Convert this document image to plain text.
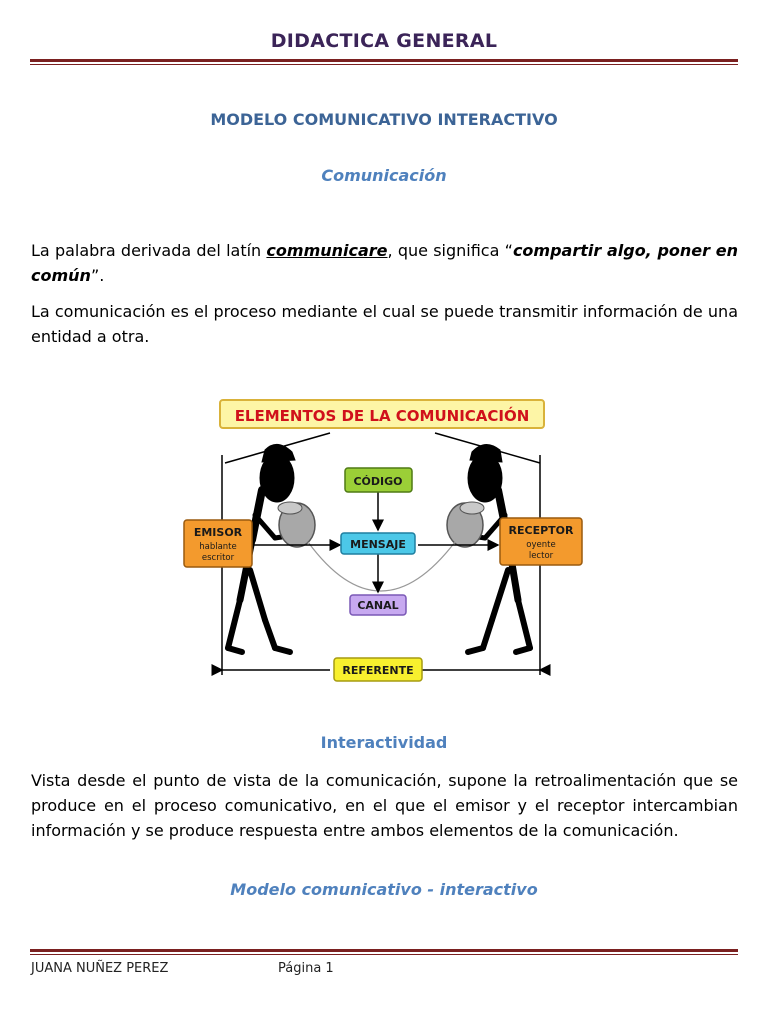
DIDACTICA GENERAL
MODELO COMUNICATIVO INTERACTIVO
Comunicación
La palabra derivada del latín communicare, que significa “compartir algo, poner en común”.
La comunicación es el proceso mediante el cual se puede transmitir información de una entidad a otra.
ELEMENTOS DE LA COMUNICACIÓN
CÓDIGO
MENSAJE
CANAL
REFERENTE
EMISOR
hablante
escritor
RECEPTOR
oyente
lector
Interactividad
Vista desde el punto de vista de la comunicación, supone la retroalimentación que se produce en el proceso comunicativo, en el que el emisor y el receptor intercambian información y se produce respuesta entre ambos elementos de la comunicación.
Modelo comunicativo - interactivo
JUANA NUÑEZ PEREZ	Página 1
